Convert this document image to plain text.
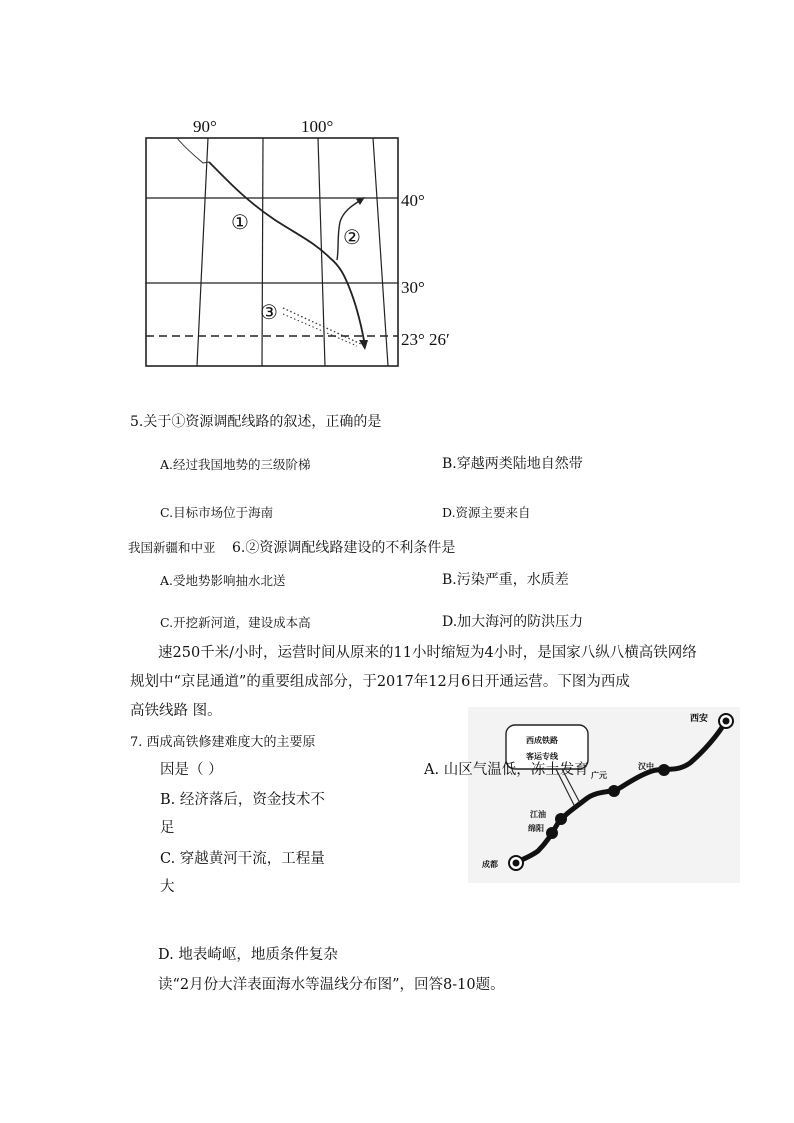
90°	100°
40°
30°
23° 26′
①
②
③
5.关于①资源调配线路的叙述，正确的是
A.经过我国地势的三级阶梯	B.穿越两类陆地自然带
C.目标市场位于海南	D.资源主要来自
我国新疆和中亚 6.②资源调配线路建设的不利条件是
A.受地势影响抽水北送	B.污染严重，水质差
C.开挖新河道，建设成本高	D.加大海河的防洪压力
速250千米/小时，运营时间从原来的11小时缩短为4小时，是国家八纵八横高铁网络
规划中“京昆通道”的重要组成部分，于2017年12月6日开通运营。下图为西成
高铁线路 图。
7. 西成高铁修建难度大的主要原
因是（ ）	A. 山区气温低，冻土发育
B. 经济落后，资金技术不
足
C. 穿越黄河干流，工程量
大
D. 地表崎岖，地质条件复杂
西成铁路
客运专线
西安
汉中
广元
江油
绵阳
成都
读“2月份大洋表面海水等温线分布图”，回答8-10题。
